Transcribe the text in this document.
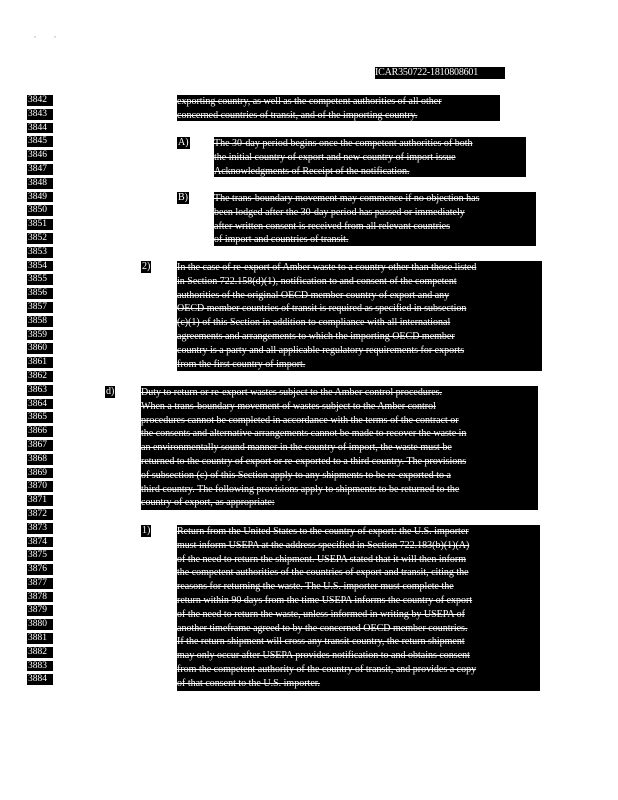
,         ,
ICAR350722-1810808601
3842
3843
3844
3845
3846
3847
3848
3849
3850
3851
3852
3853
3854
3855
3856
3857
3858
3859
3860
3861
3862
3863
3864
3865
3866
3867
3868
3869
3870
3871
3872
3873
3874
3875
3876
3877
3878
3879
3880
3881
3882
3883
3884
exporting country, as well as the competent authorities of all other
concerned countries of transit, and of the importing country.
A)	The 30-day period begins once the competent authorities of both
the initial country of export and new country of import issue
Acknowledgments of Receipt of the notification.
B)	The trans-boundary movement may commence if no objection has
been lodged after the 30-day period has passed or immediately
after written consent is received from all relevant countries
of import and countries of transit.
2)	In the case of re-export of Amber waste to a country other than those listed
in Section 722.158(d)(1), notification to and consent of the competent
authorities of the original OECD member country of export and any
OECD member countries of transit is required as specified in subsection
(c)(1) of this Section in addition to compliance with all international
agreements and arrangements to which the importing OECD member
country is a party and all applicable regulatory requirements for exports
from the first country of import.
d)	Duty to return or re-export wastes subject to the Amber control procedures.
When a trans-boundary movement of wastes subject to the Amber control
procedures cannot be completed in accordance with the terms of the contract or
the consents and alternative arrangements cannot be made to recover the waste in
an environmentally sound manner in the country of import, the waste must be
returned to the country of export or re-exported to a third country. The provisions
of subsection (c) of this Section apply to any shipments to be re-exported to a
third country. The following provisions apply to shipments to be returned to the
country of export, as appropriate:
1)	Return from the United States to the country of export: the U.S. importer
must inform USEPA at the address specified in Section 722.183(b)(1)(A)
of the need to return the shipment. USEPA stated that it will then inform
the competent authorities of the countries of export and transit, citing the
reasons for returning the waste. The U.S. importer must complete the
return within 90 days from the time USEPA informs the country of export
of the need to return the waste, unless informed in writing by USEPA of
another timeframe agreed to by the concerned OECD member countries.
If the return shipment will cross any transit country, the return shipment
may only occur after USEPA provides notification to and obtains consent
from the competent authority of the country of transit, and provides a copy
of that consent to the U.S. importer.
